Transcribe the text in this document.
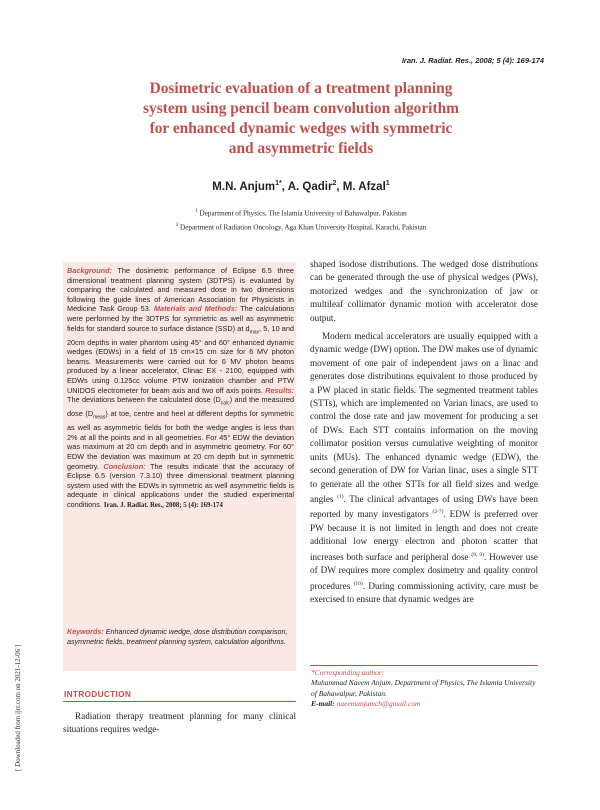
[ Downloaded from ijrr.com on 2021-12-06 ]
Iran. J. Radiat. Res., 2008; 5 (4): 169-174
Dosimetric evaluation of a treatment planning
system using pencil beam convolution algorithm
for enhanced dynamic wedges with symmetric
and asymmetric fields
M.N. Anjum$^{1*}$, A. Qadir$^2$, M. Afzal$^1$
$^1$ Department of Physics, The Islamia University of Bahawalpur, Pakistan
$^2$ Department of Radiation Oncology, Aga Khan University Hospital, Karachi, Pakistan
Background: The dosimetric performance of Eclipse 6.5 three dimensional treatment planning system (3DTPS) is evaluated by comparing the calculated and measured dose in two dimensions following the guide lines of American Association for Physicists in Medicine Task Group 53. Materials and Methods: The calculations were performed by the 3DTPS for symmetric as well as asymmetric fields for standard source to surface distance (SSD) at $d_{max}$, 5, 10 and 20cm depths in water phantom using 45° and 60° enhanced dynamic wedges (EDWs) in a field of 15 cm×15 cm size for 6 MV photon beams. Measurements were carried out for 6 MV photon beams produced by a linear accelerator, Clinac EX - 2100, equipped with EDWs using 0.125cc volume PTW ionization chamber and PTW UNIDOS electrometer for beam axis and two off axis points. Results: The deviations between the calculated dose $(D_{calc})$ and the measured dose $(D_{meas})$ at toe, centre and heel at different depths for symmetric as well as asymmetric fields for both the wedge angles is less than 2% at all the points and in all geometries. For 45° EDW the deviation was maximum at 20 cm depth and in asymmetric geometry. For 60° EDW the deviation was maximum at 20 cm depth but in symmetric geometry. Conclusion: The results indicate that the accuracy of Eclipse 6.5 (version 7.3.10) three dimensional treatment planning system used with the EDWs in symmetric as well asymmetric fields is adequate in clinical applications under the studied experimental conditions. Iran. J. Radiat. Res., 2008; 5 (4): 169-174
Keywords: Enhanced dynamic wedge, dose distribution comparison, asymmetric fields, treatment planning system, calculation algorithms.
INTRODUCTION
Radiation therapy treatment planning for many clinical situations requires wedge-

shaped isodose distributions. The wedged dose distributions can be generated through the use of physical wedges (PWs), motorized wedges and the synchronization of jaw or multileaf collimator dynamic motion with accelerator dose output.

Modern medical accelerators are usually equipped with a dynamic wedge (DW) option. The DW makes use of dynamic movement of one pair of independent jaws on a linac and generates dose distributions equivalent to those produced by a PW placed in static fields. The segmented treatment tables (STTs), which are implemented on Varian linacs, are used to control the dose rate and jaw movement for producing a set of DWs. Each STT contains information on the moving collimator position versus cumulative weighting of monitor units (MUs). The enhanced dynamic wedge (EDW), the second generation of DW for Varian linac, uses a single STT to generate all the other STTs for all field sizes and wedge angles $^{(1)}$. The clinical advantages of using DWs have been reported by many investigators $^{(2-7)}$. EDW is preferred over PW because it is not limited in length and does not create additional low energy electron and photon scatter that increases both surface and peripheral dose $^{(8, 9)}$. However use of DW requires more complex dosimetry and quality control procedures $^{(10)}$. During commissioning activity, care must be exercised to ensure that dynamic wedges are

*Corresponding author:
Muhammad Naeem Anjum, Department of Physics, The Islamia University of Bahawalpur, Pakistan.
E-mail: naeemanjumch@gmail.com
